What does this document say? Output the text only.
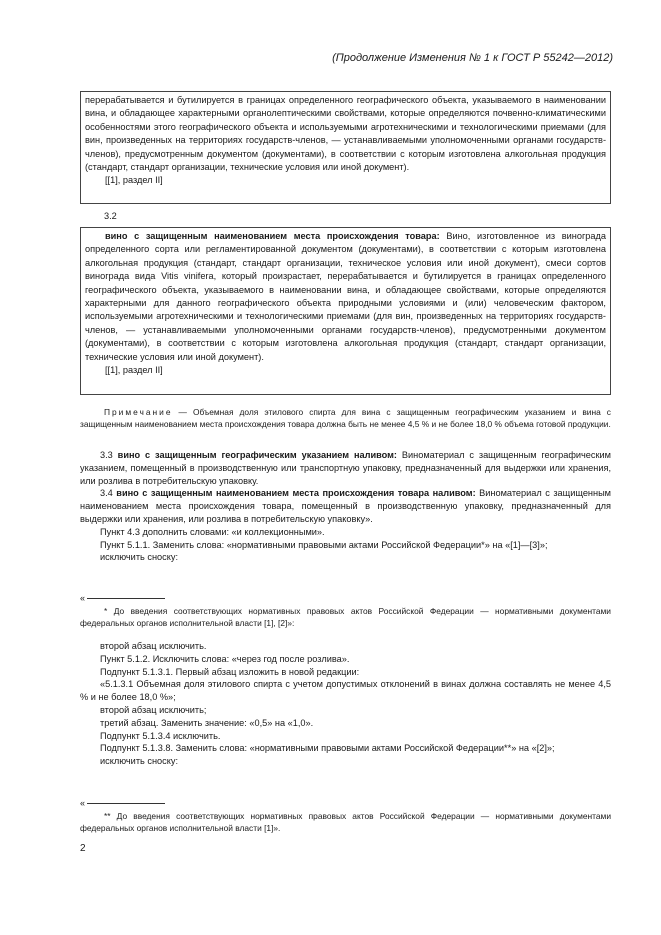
(Продолжение Изменения № 1 к ГОСТ Р 55242—2012)

перерабатывается и бутилируется в границах определенного географического объекта, указываемого в наименовании вина, и обладающее характерными органолептическими свойствами, которые определяются почвенно-климатическими особенностями этого географического объекта и используемыми агротехническими и технологическими приемами (для вин, произведенных на территориях государств-членов, — устанавливаемыми уполномоченными органами государств-членов), предусмотренным документом (документами), в соответствии с которым изготовлена алкогольная продукция (стандарт, стандарт организации, технические условия или иной документ).

[[1], раздел II]

3.2

вино с защищенным наименованием места происхождения товара: Вино, изготовленное из винограда определенного сорта или регламентированной документом (документами), в соответствии с которым изготовлена алкогольная продукция (стандарт, стандарт организации, техническое условия или иной документ), смеси сортов винограда вида Vitis vinifera, который произрастает, перерабатывается и бутилируется в границах определенного географического объекта, указываемого в наименовании вина, и обладающее свойствами, которые определяются характерными для данного географического объекта природными условиями и (или) человеческим фактором, используемыми агротехническими и технологическими приемами (для вин, произведенных на территориях государств-членов, — устанавливаемыми уполномоченными органами государств-членов), предусмотренными документом (документами), в соответствии с которым изготовлена алкогольная продукция (стандарт, стандарт организации, технические условия или иной документ).

[[1], раздел II]

Примечание — Объемная доля этилового спирта для вина с защищенным географическим указанием и вина с защищенным наименованием места происхождения товара должна быть не менее 4,5 % и не более 18,0 % объема готовой продукции.

3.3 вино с защищенным географическим указанием наливом: Виноматериал с защищенным географическим указанием, помещенный в производственную или транспортную упаковку, предназначенный для выдержки или хранения, или розлива в потребительскую упаковку.

3.4 вино с защищенным наименованием места происхождения товара наливом: Виноматериал с защищенным наименованием места происхождения товара, помещенный в производственную упаковку, предназначенный для выдержки или хранения, или розлива в потребительскую упаковку».

Пункт 4.3 дополнить словами: «и коллекционными».

Пункт 5.1.1. Заменить слова: «нормативными правовыми актами Российской Федерации*» на «[1]—[3]»;

исключить сноску:

«

* До введения соответствующих нормативных правовых актов Российской Федерации — нормативными документами федеральных органов исполнительной власти [1], [2]»:

второй абзац исключить.

Пункт 5.1.2. Исключить слова: «через год после розлива».

Подпункт 5.1.3.1. Первый абзац изложить в новой редакции:

«5.1.3.1 Объемная доля этилового спирта с учетом допустимых отклонений в винах должна составлять не менее 4,5 % и не более 18,0 %»;

второй абзац исключить;

третий абзац. Заменить значение: «0,5» на «1,0».

Подпункт 5.1.3.4 исключить.

Подпункт 5.1.3.8. Заменить слова: «нормативными правовыми актами Российской Федерации**» на «[2]»;

исключить сноску:

«

** До введения соответствующих нормативных правовых актов Российской Федерации — нормативными документами федеральных органов исполнительной власти [1]».

2
